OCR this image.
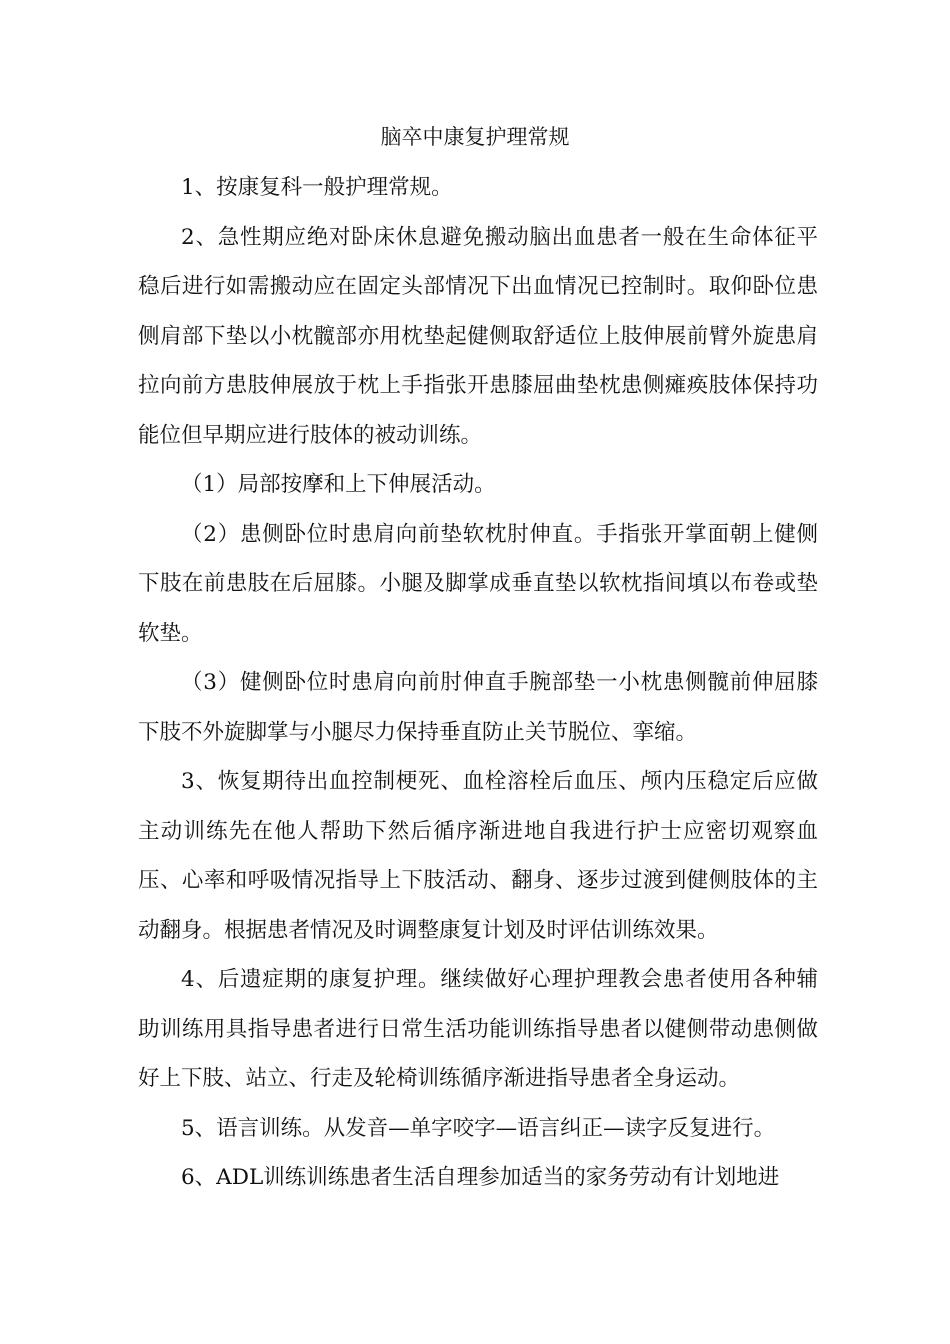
脑卒中康复护理常规

1、按康复科一般护理常规。

2、急性期应绝对卧床休息避免搬动脑出血患者一般在生命体征平稳后进行如需搬动应在固定头部情况下出血情况已控制时。取仰卧位患侧肩部下垫以小枕髋部亦用枕垫起健侧取舒适位上肢伸展前臂外旋患肩拉向前方患肢伸展放于枕上手指张开患膝屈曲垫枕患侧瘫痪肢体保持功能位但早期应进行肢体的被动训练。

（1）局部按摩和上下伸展活动。

（2）患侧卧位时患肩向前垫软枕肘伸直。手指张开掌面朝上健侧下肢在前患肢在后屈膝。小腿及脚掌成垂直垫以软枕指间填以布卷或垫软垫。

（3）健侧卧位时患肩向前肘伸直手腕部垫一小枕患侧髋前伸屈膝下肢不外旋脚掌与小腿尽力保持垂直防止关节脱位、挛缩。

3、恢复期待出血控制梗死、血栓溶栓后血压、颅内压稳定后应做主动训练先在他人帮助下然后循序渐进地自我进行护士应密切观察血压、心率和呼吸情况指导上下肢活动、翻身、逐步过渡到健侧肢体的主动翻身。根据患者情况及时调整康复计划及时评估训练效果。

4、后遗症期的康复护理。继续做好心理护理教会患者使用各种辅助训练用具指导患者进行日常生活功能训练指导患者以健侧带动患侧做好上下肢、站立、行走及轮椅训练循序渐进指导患者全身运动。

5、语言训练。从发音—单字咬字—语言纠正—读字反复进行。

6、ADL训练训练患者生活自理参加适当的家务劳动有计划地进
